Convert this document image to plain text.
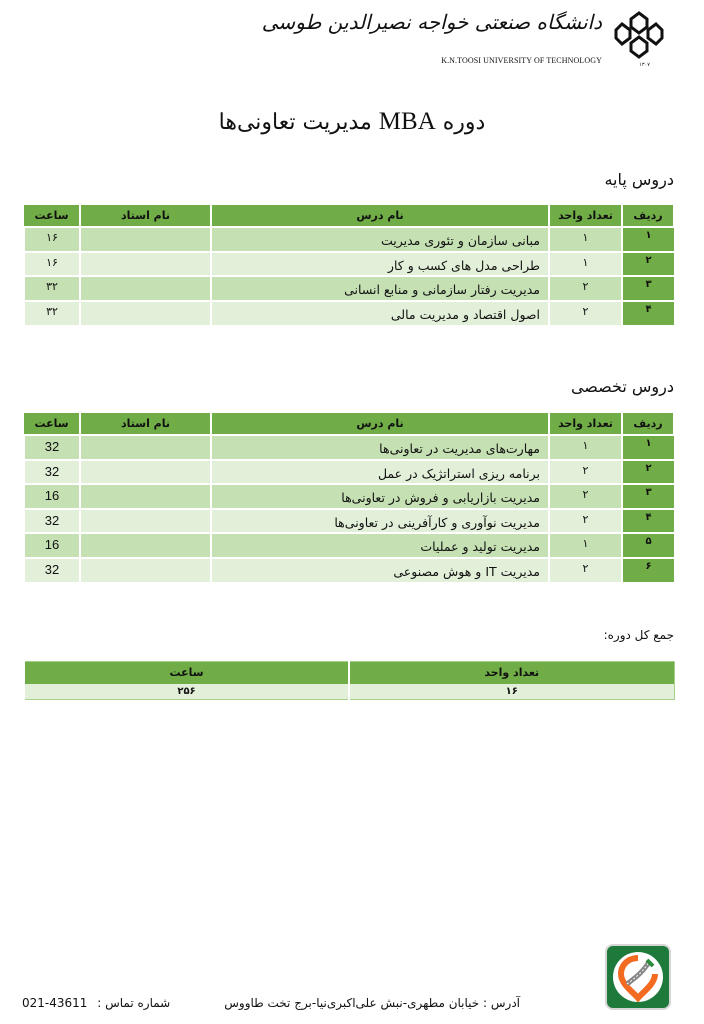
دانشگاه صنعتی خواجه نصیرالدین طوسی
K.N.TOOSI UNIVERSITY OF TECHNOLOGY	۱۳۰۷
دوره MBA مدیریت تعاونی‌ها
دروس پایه
ردیف	تعداد واحد	نام درس	نام استاد	ساعت
۱	۱	مبانی سازمان و تئوری مدیریت		۱۶
۲	۱	طراحی مدل های کسب و کار		۱۶
۳	۲	مدیریت رفتار سازمانی و منابع انسانی		۳۲
۴	۲	اصول اقتصاد و مدیریت مالی		۳۲
دروس تخصصی
ردیف	تعداد واحد	نام درس	نام استاد	ساعت
۱	۱	مهارت‌های مدیریت در تعاونی‌ها		32
۲	۲	برنامه ریزی استراتژیک در عمل		32
۳	۲	مدیریت بازاریابی و فروش در تعاونی‌ها		16
۴	۲	مدیریت نوآوری و کارآفرینی در تعاونی‌ها		32
۵	۱	مدیریت تولید و عملیات		16
۶	۲	مدیریت IT و هوش مصنوعی		32
جمع کل دوره:
تعداد واحد	ساعت
۱۶	۲۵۶
آدرس : خیابان مطهری-نبش علی‌اکبری‌نیا-برج تخت طاووس
021-43611 شماره تماس :
